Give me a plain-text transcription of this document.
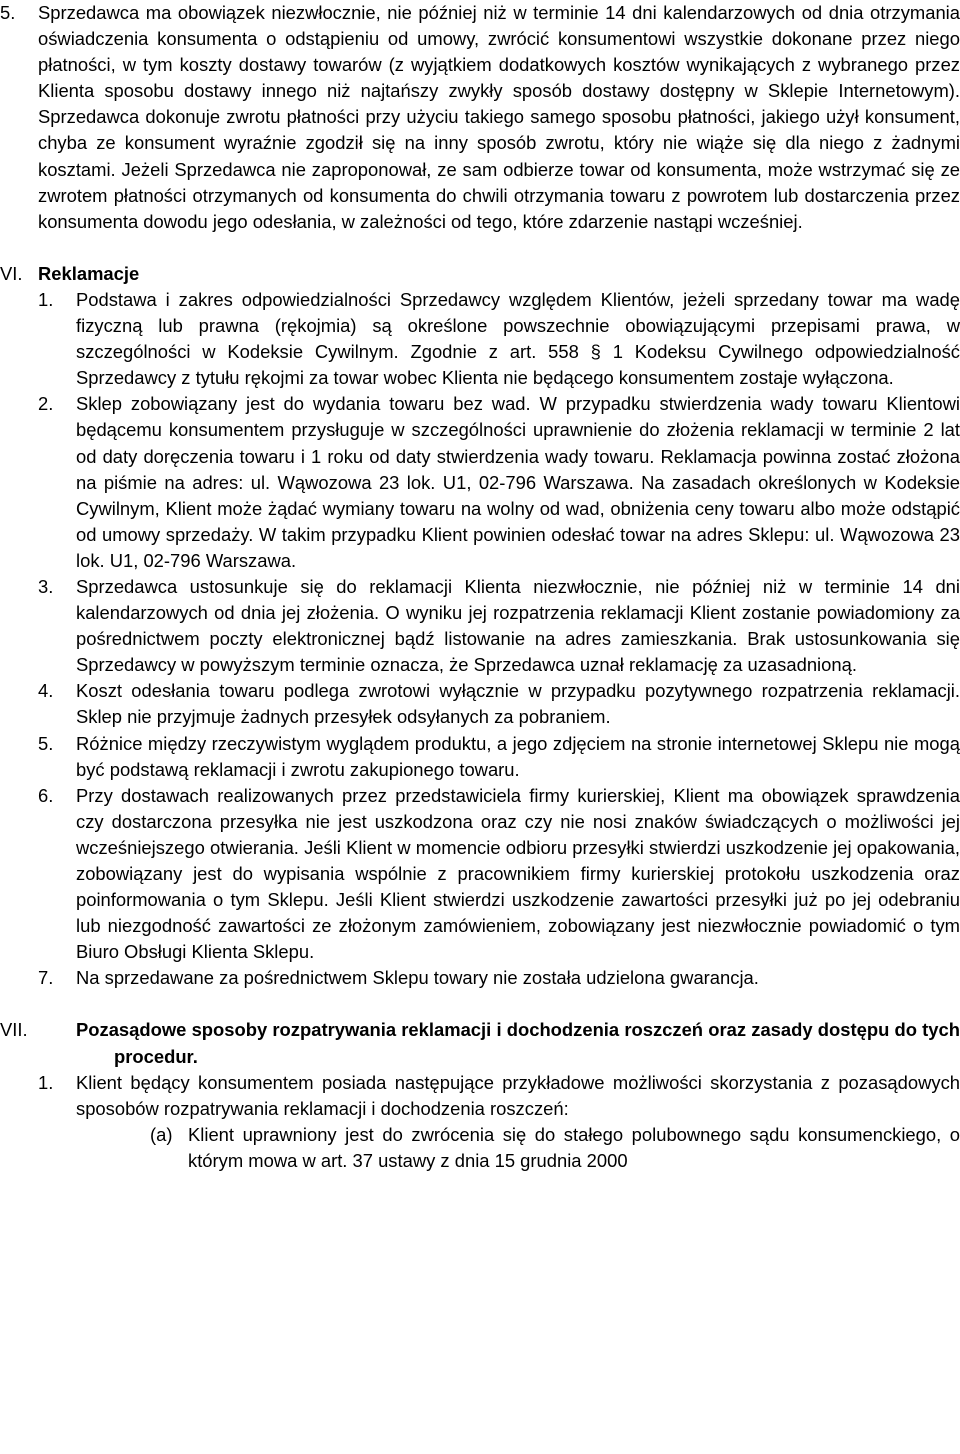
5.	Sprzedawca ma obowiązek niezwłocznie, nie później niż w terminie 14 dni kalendarzowych od dnia otrzymania oświadczenia konsumenta o odstąpieniu od umowy, zwrócić konsumentowi wszystkie dokonane przez niego płatności, w tym koszty dostawy towarów (z wyjątkiem dodatkowych kosztów wynikających z wybranego przez Klienta sposobu dostawy innego niż najtańszy zwykły sposób dostawy dostępny w Sklepie Internetowym). Sprzedawca dokonuje zwrotu płatności przy użyciu takiego samego sposobu płatności, jakiego użył konsument, chyba ze konsument wyraźnie zgodził się na inny sposób zwrotu, który nie wiąże się dla niego z żadnymi kosztami. Jeżeli Sprzedawca nie zaproponował, ze sam odbierze towar od konsumenta, może wstrzymać się ze zwrotem płatności otrzymanych od konsumenta do chwili otrzymania towaru z powrotem lub dostarczenia przez konsumenta dowodu jego odesłania, w zależności od tego, które zdarzenie nastąpi wcześniej.
VI. Reklamacje
1.	Podstawa i zakres odpowiedzialności Sprzedawcy względem Klientów, jeżeli sprzedany towar ma wadę fizyczną lub prawna (rękojmia) są określone powszechnie obowiązującymi przepisami prawa, w szczególności w Kodeksie Cywilnym. Zgodnie z art. 558 § 1 Kodeksu Cywilnego odpowiedzialność Sprzedawcy z tytułu rękojmi za towar wobec Klienta nie będącego konsumentem zostaje wyłączona.
2.	Sklep zobowiązany jest do wydania towaru bez wad. W przypadku stwierdzenia wady towaru Klientowi będącemu konsumentem przysługuje w szczególności uprawnienie do złożenia reklamacji w terminie 2 lat od daty doręczenia towaru i 1 roku od daty stwierdzenia wady towaru. Reklamacja powinna zostać złożona na piśmie na adres: ul. Wąwozowa 23 lok. U1, 02-796 Warszawa. Na zasadach określonych w Kodeksie Cywilnym, Klient może żądać wymiany towaru na wolny od wad, obniżenia ceny towaru albo może odstąpić od umowy sprzedaży. W takim przypadku Klient powinien odesłać towar na adres Sklepu: ul. Wąwozowa 23 lok. U1, 02-796 Warszawa.
3.	Sprzedawca ustosunkuje się do reklamacji Klienta niezwłocznie, nie później niż w terminie 14 dni kalendarzowych od dnia jej złożenia. O wyniku jej rozpatrzenia reklamacji Klient zostanie powiadomiony za pośrednictwem poczty elektronicznej bądź listowanie na adres zamieszkania. Brak ustosunkowania się Sprzedawcy w powyższym terminie oznacza, że Sprzedawca uznał reklamację za uzasadnioną.
4.	Koszt odesłania towaru podlega zwrotowi wyłącznie w przypadku pozytywnego rozpatrzenia reklamacji. Sklep nie przyjmuje żadnych przesyłek odsyłanych za pobraniem.
5.	Różnice między rzeczywistym wyglądem produktu, a jego zdjęciem na stronie internetowej Sklepu nie mogą być podstawą reklamacji i zwrotu zakupionego towaru.
6.	Przy dostawach realizowanych przez przedstawiciela firmy kurierskiej, Klient ma obowiązek sprawdzenia czy dostarczona przesyłka nie jest uszkodzona oraz czy nie nosi znaków świadczących o możliwości jej wcześniejszego otwierania. Jeśli Klient w momencie odbioru przesyłki stwierdzi uszkodzenie jej opakowania, zobowiązany jest do wypisania wspólnie z pracownikiem firmy kurierskiej protokołu uszkodzenia oraz poinformowania o tym Sklepu. Jeśli Klient stwierdzi uszkodzenie zawartości przesyłki już po jej odebraniu lub niezgodność zawartości ze złożonym zamówieniem, zobowiązany jest niezwłocznie powiadomić o tym Biuro Obsługi Klienta Sklepu.
7.	Na sprzedawane za pośrednictwem Sklepu towary nie została udzielona gwarancja.
VII.	Pozasądowe sposoby rozpatrywania reklamacji i dochodzenia roszczeń oraz zasady dostępu do tych procedur.
1.	Klient będący konsumentem posiada następujące przykładowe możliwości skorzystania z pozasądowych sposobów rozpatrywania reklamacji i dochodzenia roszczeń:
(a) Klient uprawniony jest do zwrócenia się do stałego polubownego sądu konsumenckiego, o którym mowa w art. 37 ustawy z dnia 15 grudnia 2000
